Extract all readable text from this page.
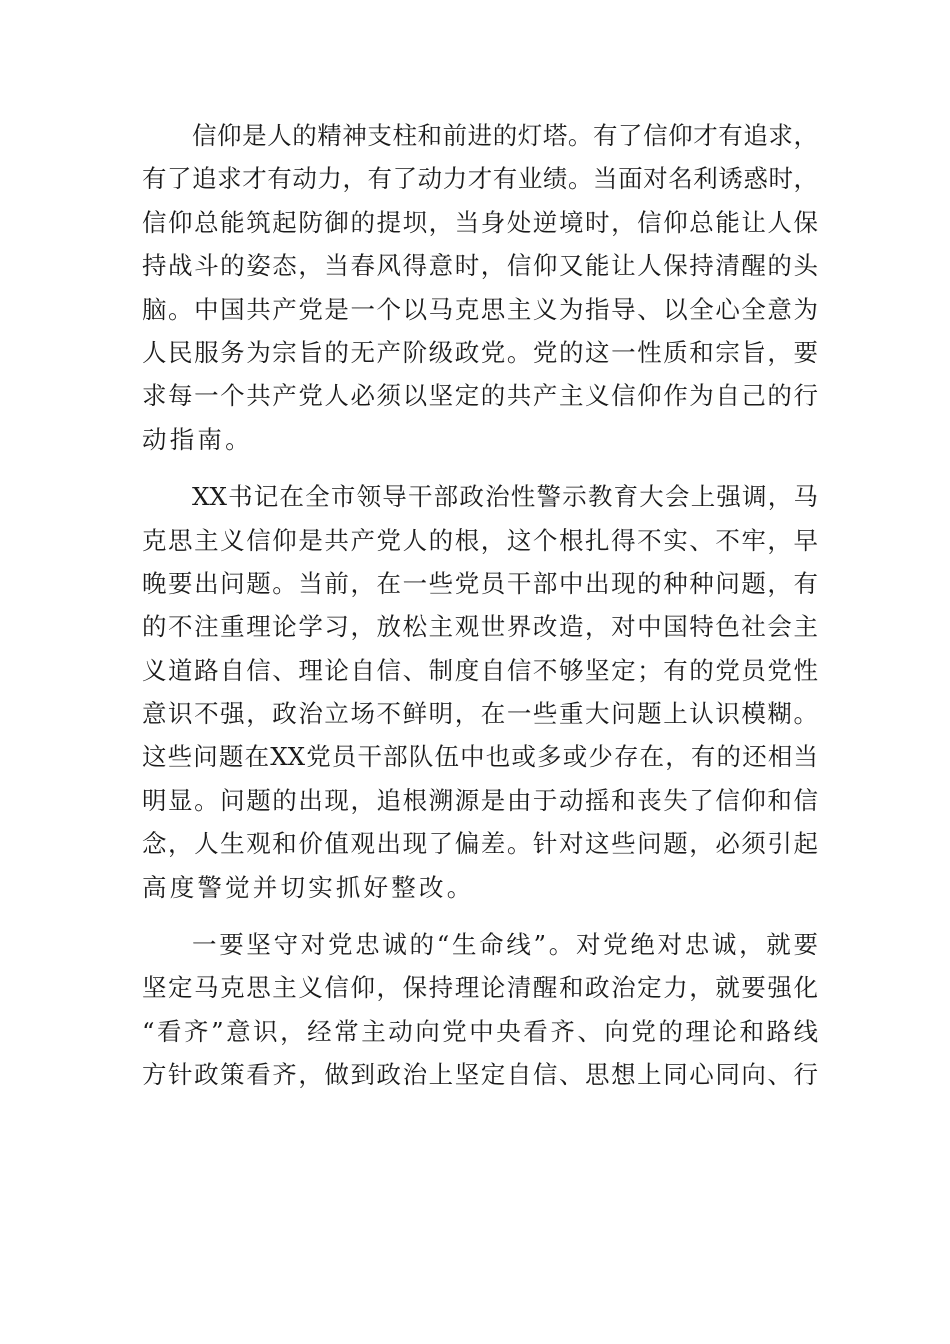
信仰是人的精神支柱和前进的灯塔。有了信仰才有追求，
有了追求才有动力，有了动力才有业绩。当面对名利诱惑时，
信仰总能筑起防御的提坝，当身处逆境时，信仰总能让人保
持战斗的姿态，当春风得意时，信仰又能让人保持清醒的头
脑。中国共产党是一个以马克思主义为指导、以全心全意为
人民服务为宗旨的无产阶级政党。党的这一性质和宗旨，要
求每一个共产党人必须以坚定的共产主义信仰作为自己的行
动指南。
XX书记在全市领导干部政治性警示教育大会上强调，马
克思主义信仰是共产党人的根，这个根扎得不实、不牢，早
晚要出问题。当前，在一些党员干部中出现的种种问题，有
的不注重理论学习，放松主观世界改造，对中国特色社会主
义道路自信、理论自信、制度自信不够坚定；有的党员党性
意识不强，政治立场不鲜明，在一些重大问题上认识模糊。
这些问题在XX党员干部队伍中也或多或少存在，有的还相当
明显。问题的出现，追根溯源是由于动摇和丧失了信仰和信
念，人生观和价值观出现了偏差。针对这些问题，必须引起
高度警觉并切实抓好整改。
一要坚守对党忠诚的“生命线”。对党绝对忠诚，就要
坚定马克思主义信仰，保持理论清醒和政治定力，就要强化
“看齐”意识，经常主动向党中央看齐、向党的理论和路线
方针政策看齐，做到政治上坚定自信、思想上同心同向、行
